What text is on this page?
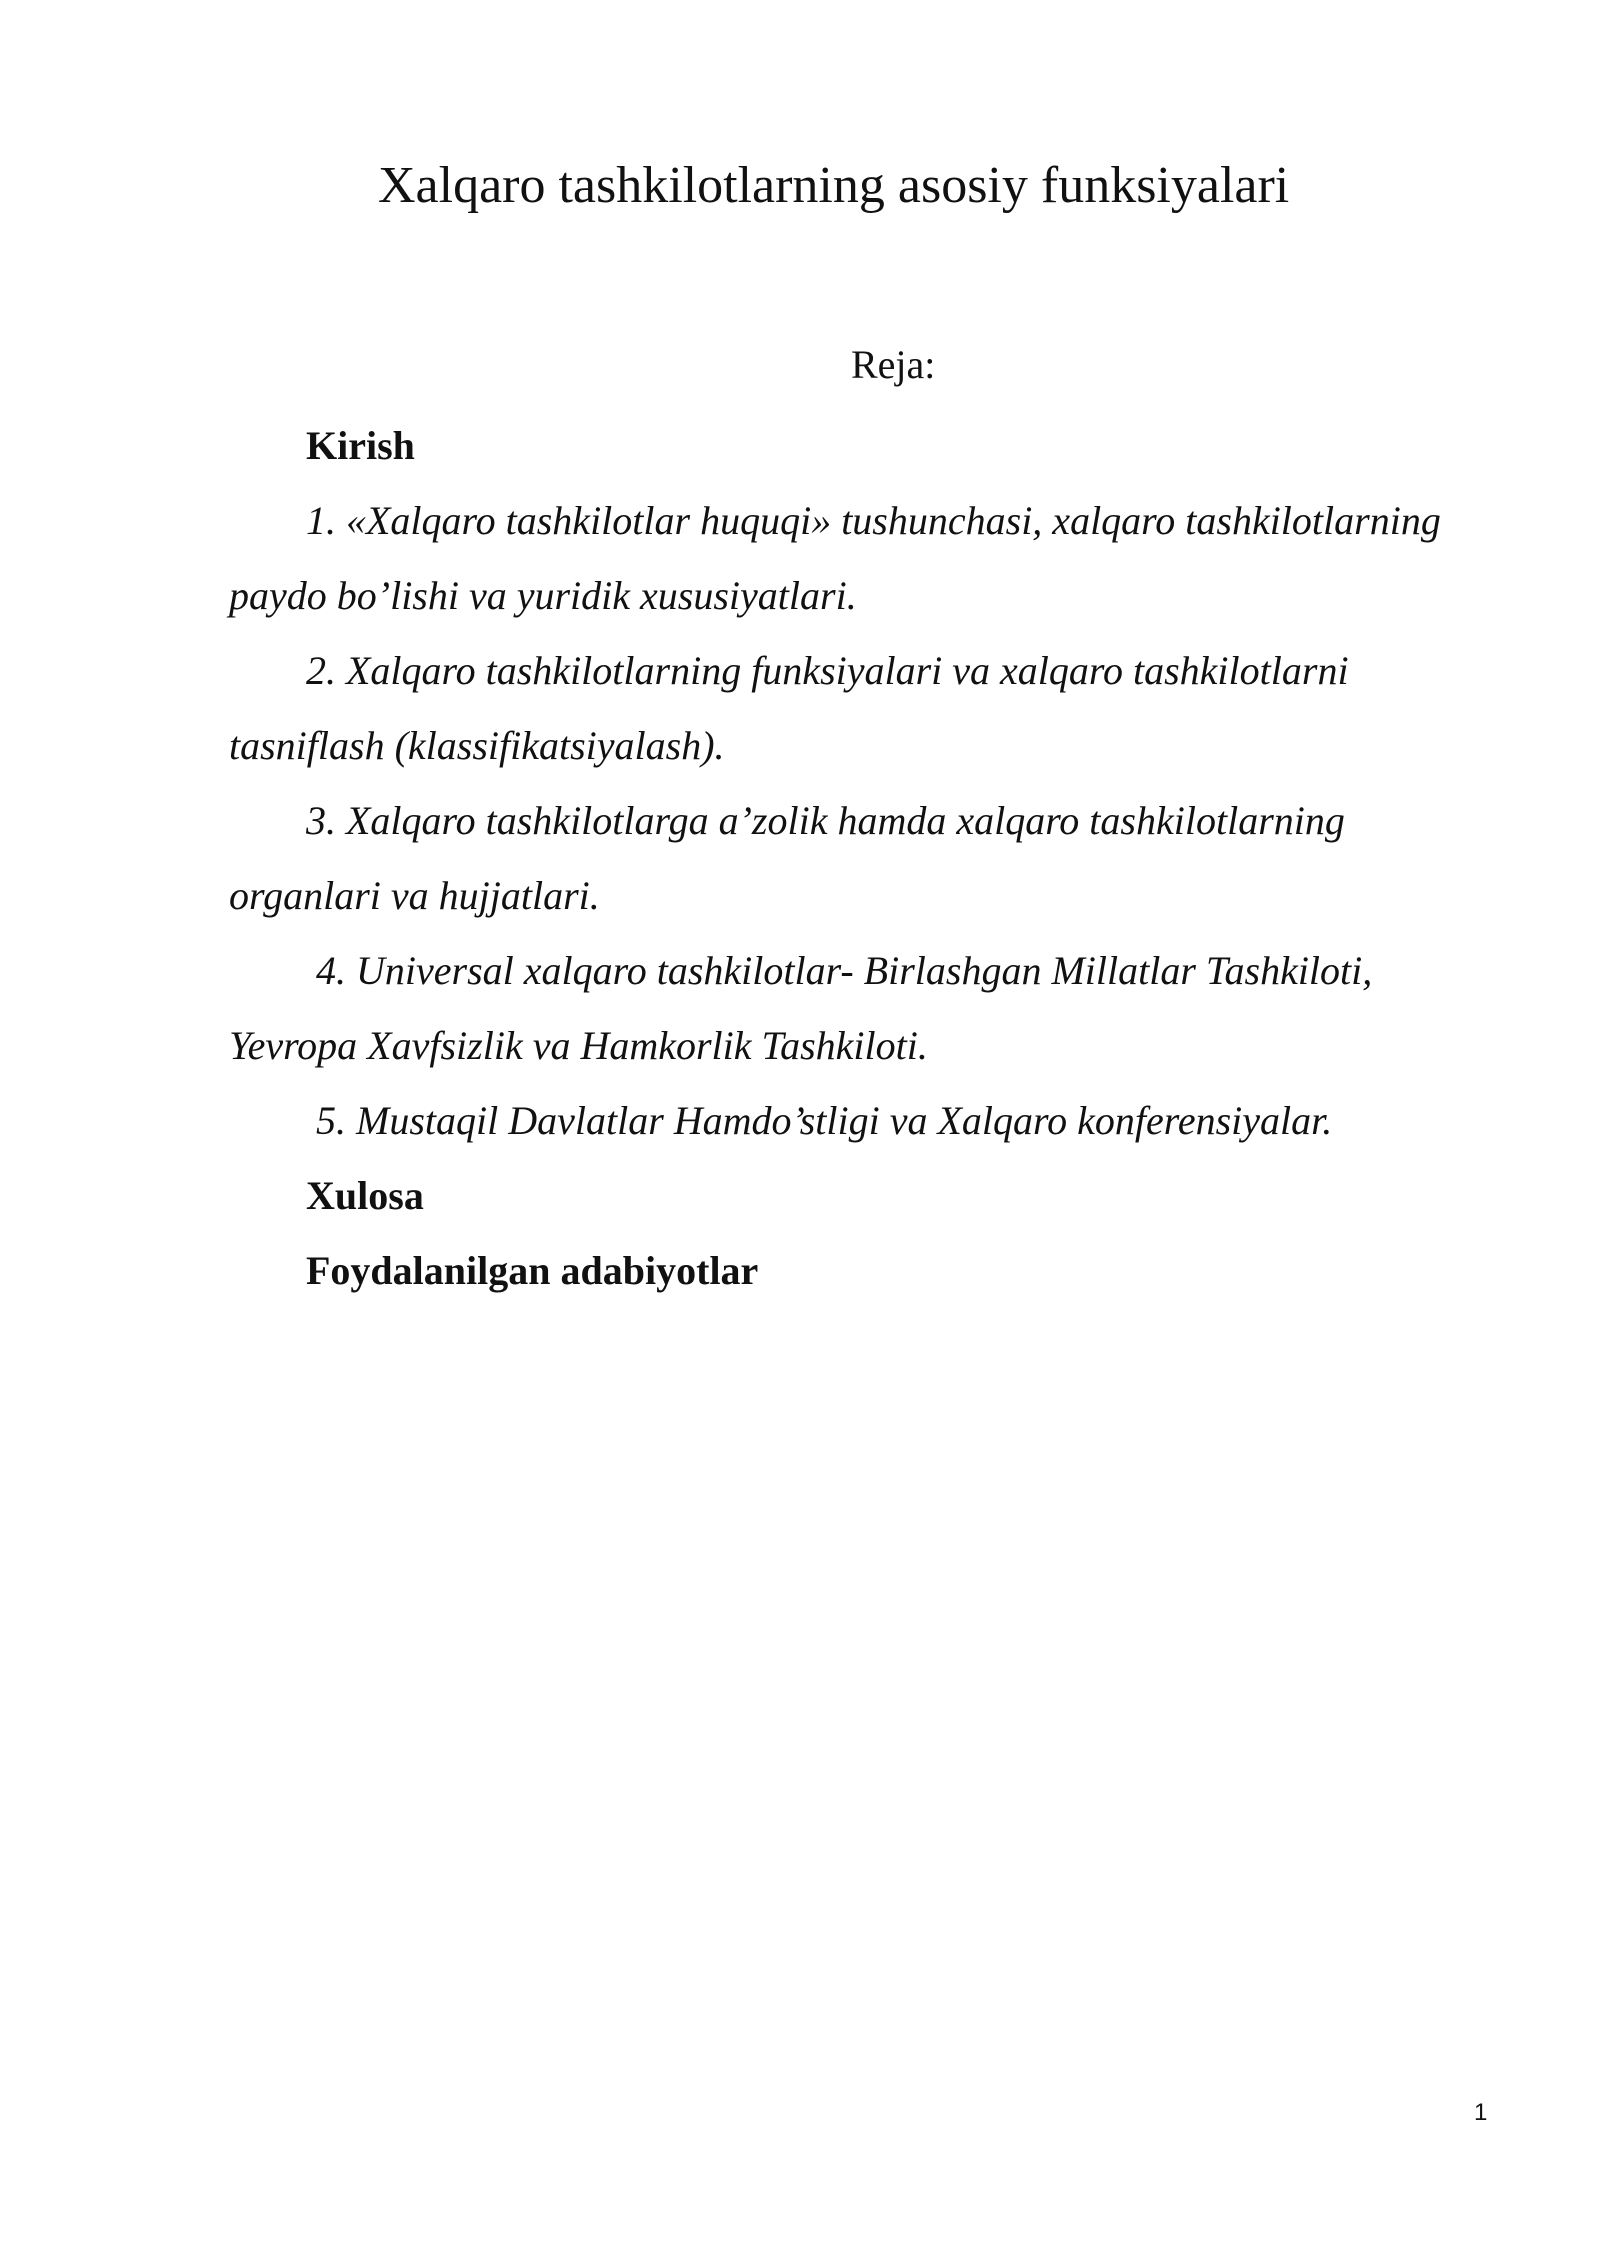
Xalqaro tashkilotlarning asosiy funksiyalari
Reja:

Kirish

1. «Xalqaro tashkilotlar huquqi» tushunchasi, xalqaro tashkilotlarning paydo bo’lishi va yuridik xususiyatlari.

2. Xalqaro tashkilotlarning funksiyalari va xalqaro tashkilotlarni tasniflash (klassifikatsiyalash).

3. Xalqaro tashkilotlarga a’zolik hamda xalqaro tashkilotlarning organlari va hujjatlari.

4. Universal xalqaro tashkilotlar- Birlashgan Millatlar Tashkiloti, Yevropa Xavfsizlik va Hamkorlik Tashkiloti.

5. Mustaqil Davlatlar Hamdo’stligi va Xalqaro konferensiyalar.

Xulosa

Foydalanilgan adabiyotlar

1
